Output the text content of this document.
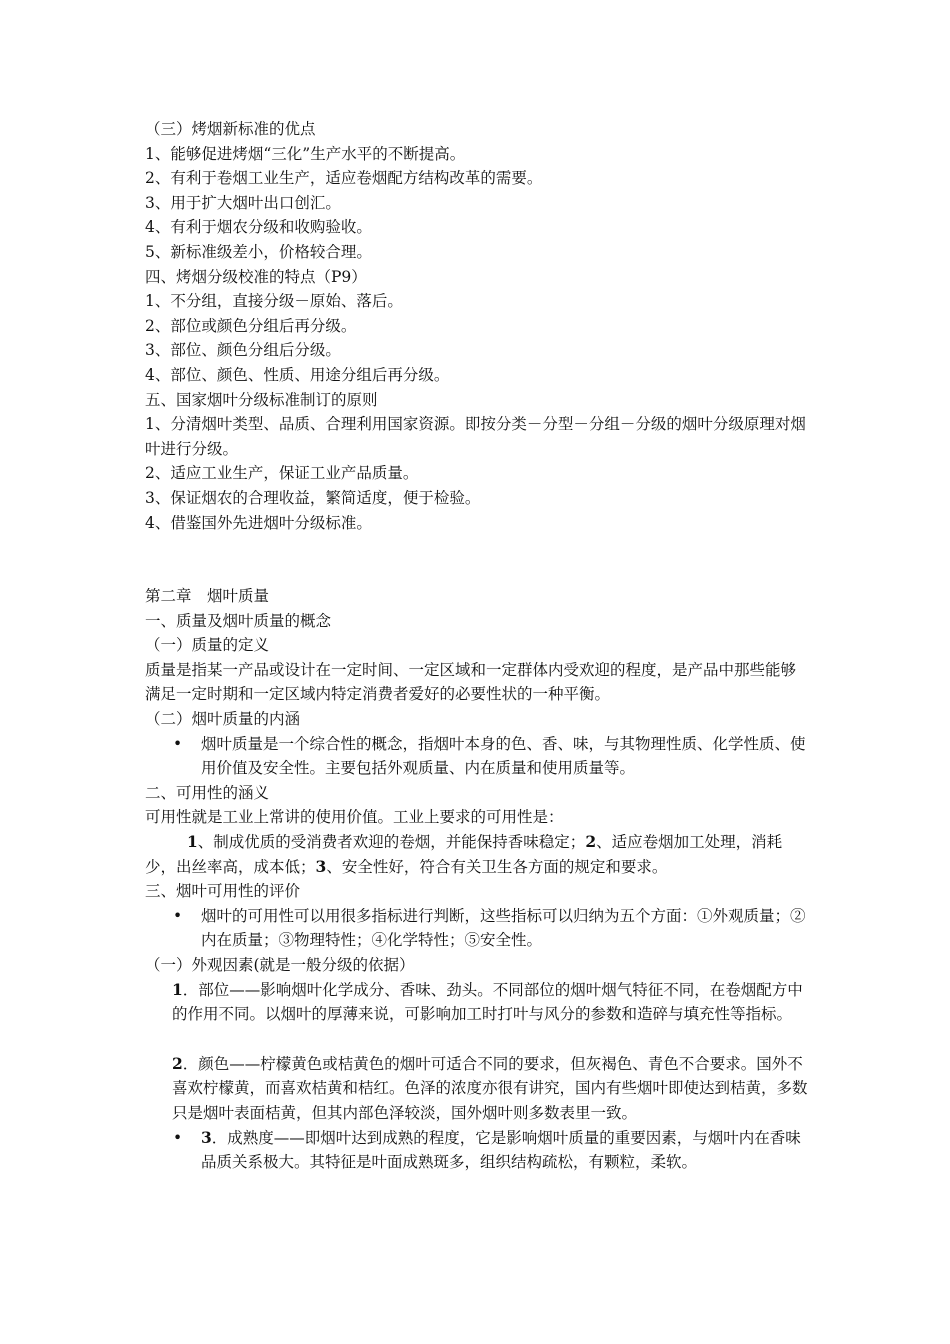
（三）烤烟新标准的优点

1、能够促进烤烟“三化”生产水平的不断提高。

2、有利于卷烟工业生产，适应卷烟配方结构改革的需要。

3、用于扩大烟叶出口创汇。

4、有利于烟农分级和收购验收。

5、新标准级差小，价格较合理。

四、烤烟分级校准的特点（P9）

1、不分组，直接分级－原始、落后。

2、部位或颜色分组后再分级。

3、部位、颜色分组后分级。

4、部位、颜色、性质、用途分组后再分级。

五、国家烟叶分级标准制订的原则

1、分清烟叶类型、品质、合理利用国家资源。即按分类－分型－分组－分级的烟叶分级原理对烟叶进行分级。

2、适应工业生产，保证工业产品质量。

3、保证烟农的合理收益，繁简适度，便于检验。

4、借鉴国外先进烟叶分级标准。

第二章　烟叶质量

一、质量及烟叶质量的概念

（一）质量的定义

质量是指某一产品或设计在一定时间、一定区域和一定群体内受欢迎的程度，是产品中那些能够满足一定时期和一定区域内特定消费者爱好的必要性状的一种平衡。

（二）烟叶质量的内涵

• 烟叶质量是一个综合性的概念，指烟叶本身的色、香、味，与其物理性质、化学性质、使用价值及安全性。主要包括外观质量、内在质量和使用质量等。

二、可用性的涵义

可用性就是工业上常讲的使用价值。工业上要求的可用性是：

1、制成优质的受消费者欢迎的卷烟，并能保持香味稳定；2、适应卷烟加工处理，消耗少，出丝率高，成本低；3、安全性好，符合有关卫生各方面的规定和要求。

三、烟叶可用性的评价

• 烟叶的可用性可以用很多指标进行判断，这些指标可以归纳为五个方面：①外观质量；②内在质量；③物理特性；④化学特性；⑤安全性。

（一）外观因素(就是一般分级的依据）

1．部位——影响烟叶化学成分、香味、劲头。不同部位的烟叶烟气特征不同，在卷烟配方中的作用不同。以烟叶的厚薄来说，可影响加工时打叶与风分的参数和造碎与填充性等指标。

2．颜色——柠檬黄色或桔黄色的烟叶可适合不同的要求，但灰褐色、青色不合要求。国外不喜欢柠檬黄，而喜欢桔黄和桔红。色泽的浓度亦很有讲究，国内有些烟叶即使达到桔黄，多数只是烟叶表面桔黄，但其内部色泽较淡，国外烟叶则多数表里一致。

• 3．成熟度——即烟叶达到成熟的程度，它是影响烟叶质量的重要因素，与烟叶内在香味品质关系极大。其特征是叶面成熟斑多，组织结构疏松，有颗粒，柔软。
